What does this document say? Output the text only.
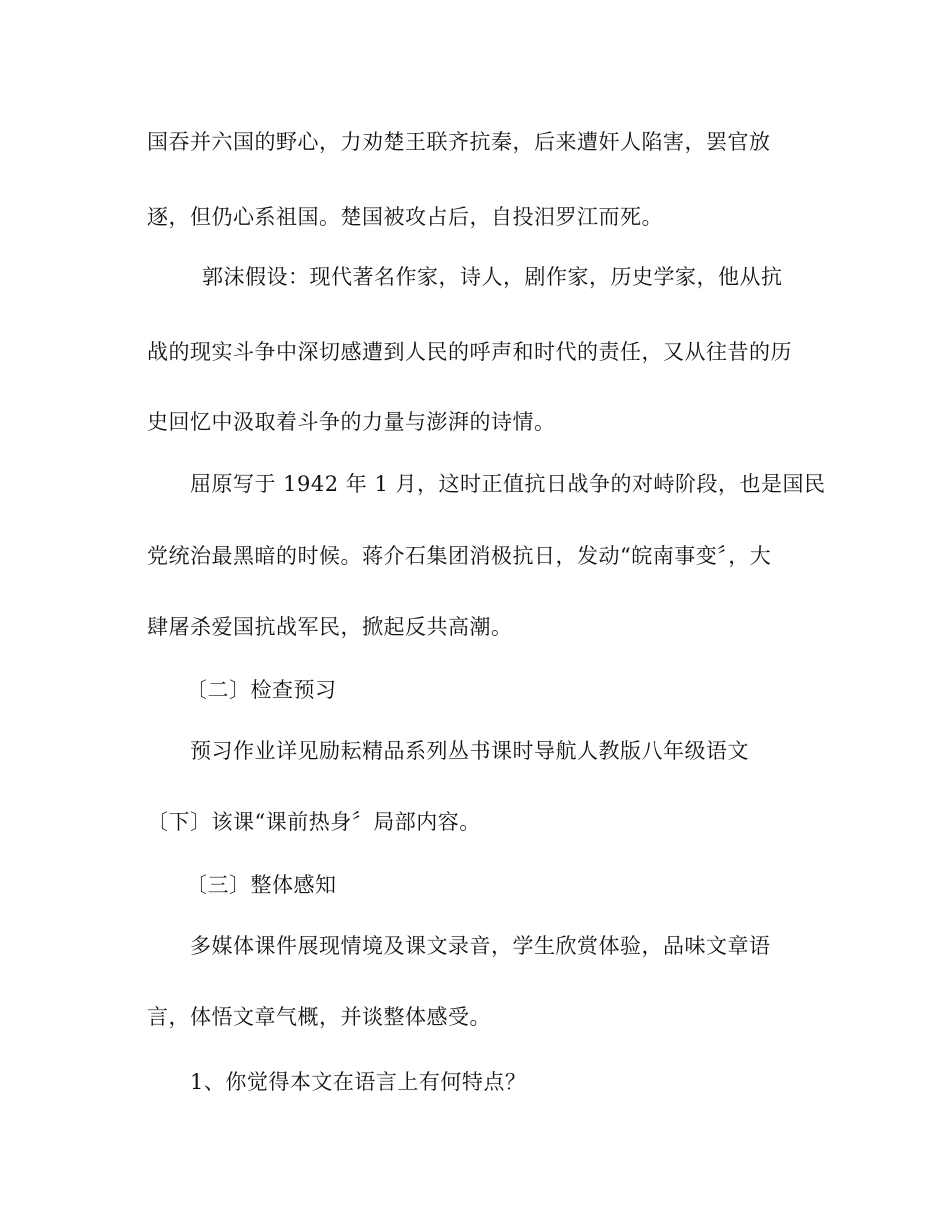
国吞并六国的野心，力劝楚王联齐抗秦，后来遭奸人陷害，罢官放
逐，但仍心系祖国。楚国被攻占后，自投汨罗江而死。
郭沫假设：现代著名作家，诗人，剧作家，历史学家，他从抗
战的现实斗争中深切感遭到人民的呼声和时代的责任，又从往昔的历
史回忆中汲取着斗争的力量与澎湃的诗情。
屈原写于 1942 年 1 月，这时正值抗日战争的对峙阶段，也是国民
党统治最黑暗的时候。蒋介石集团消极抗日，发动“皖南事变〞，大
肆屠杀爱国抗战军民，掀起反共高潮。
〔二〕检查预习
预习作业详见励耘精品系列丛书课时导航人教版八年级语文
〔下〕该课“课前热身〞局部内容。
〔三〕整体感知
多媒体课件展现情境及课文录音，学生欣赏体验，品味文章语
言，体悟文章气概，并谈整体感受。
1、你觉得本文在语言上有何特点？
